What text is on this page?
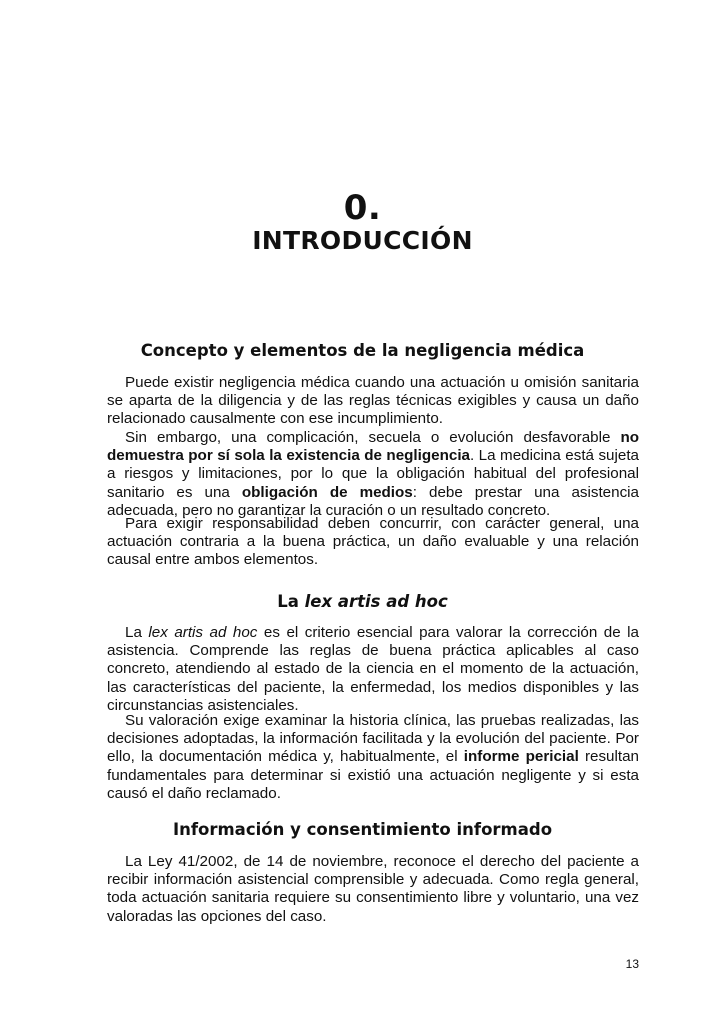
0.
INTRODUCCIÓN
Concepto y elementos de la negligencia médica

Puede existir negligencia médica cuando una actuación u omisión sanitaria se aparta de la diligencia y de las reglas técnicas exigibles y causa un daño relacionado causalmente con ese incumplimiento.

Sin embargo, una complicación, secuela o evolución desfavorable no demuestra por sí sola la existencia de negligencia. La medicina está sujeta a riesgos y limitaciones, por lo que la obligación habitual del profesional sanitario es una obligación de medios: debe prestar una asistencia adecuada, pero no garantizar la curación o un resultado concreto.

Para exigir responsabilidad deben concurrir, con carácter general, una actuación contraria a la buena práctica, un daño evaluable y una relación causal entre ambos elementos.

La lex artis ad hoc

La lex artis ad hoc es el criterio esencial para valorar la corrección de la asistencia. Comprende las reglas de buena práctica aplicables al caso concreto, atendiendo al estado de la ciencia en el momento de la actuación, las características del paciente, la enfermedad, los medios disponibles y las circunstancias asistenciales.

Su valoración exige examinar la historia clínica, las pruebas realizadas, las decisiones adoptadas, la información facilitada y la evolución del paciente. Por ello, la documentación médica y, habitualmente, el informe pericial resultan fundamentales para determinar si existió una actuación negligente y si esta causó el daño reclamado.

Información y consentimiento informado

La Ley 41/2002, de 14 de noviembre, reconoce el derecho del paciente a recibir información asistencial comprensible y adecuada. Como regla general, toda actuación sanitaria requiere su consentimiento libre y voluntario, una vez valoradas las opciones del caso.

13
